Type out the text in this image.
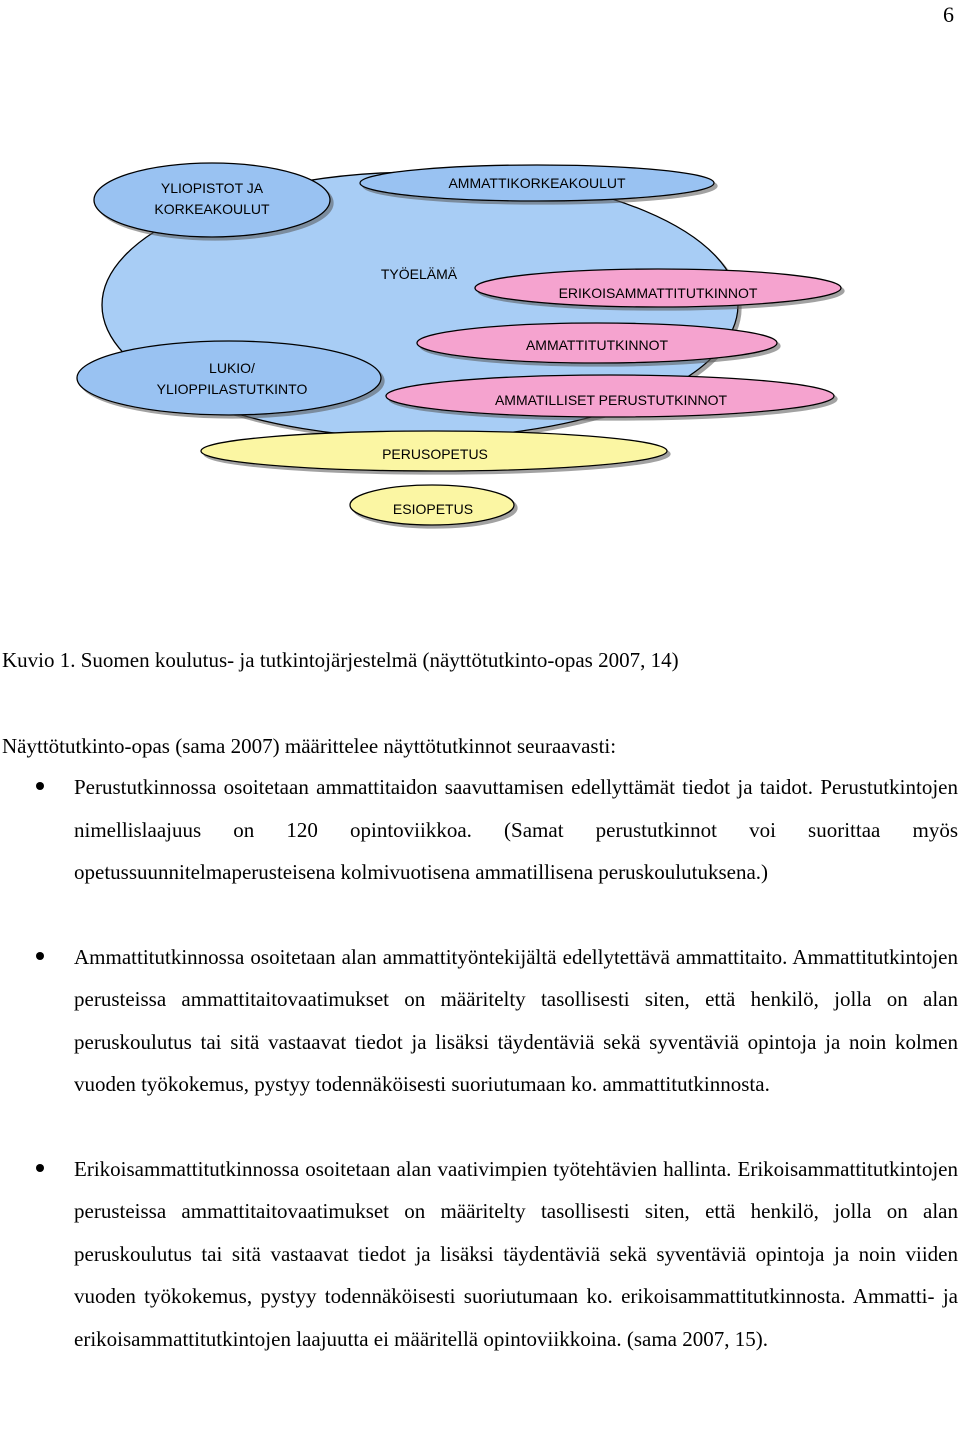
6
YLIOPISTOT JA
KORKEAKOULUT
AMMATTIKORKEAKOULUT
TYÖELÄMÄ
ERIKOISAMMATTITUTKINNOT
AMMATTITUTKINNOT
LUKIO/
YLIOPPILASTUTKINTO
AMMATILLISET PERUSTUTKINNOT
PERUSOPETUS
ESIOPETUS
Kuvio 1. Suomen koulutus- ja tutkintojärjestelmä (näyttötutkinto-opas 2007, 14)
Näyttötutkinto-opas (sama 2007) määrittelee näyttötutkinnot seuraavasti:
Perustutkinnossa osoitetaan ammattitaidon saavuttamisen edellyttämät tiedot ja taidot. Perustutkintojen nimellislaajuus on 120 opintoviikkoa. (Samat perustutkinnot voi suorittaa myös opetussuunnitelmaperusteisena kolmivuotisena ammatillisena peruskoulutuksena.)
Ammattitutkinnossa osoitetaan alan ammattityöntekijältä edellytettävä ammattitaito. Ammattitutkintojen perusteissa ammattitaitovaatimukset on määritelty tasollisesti siten, että henkilö, jolla on alan peruskoulutus tai sitä vastaavat tiedot ja lisäksi täydentäviä sekä syventäviä opintoja ja noin kolmen vuoden työkokemus, pystyy todennäköisesti suoriutumaan ko. ammattitutkinnosta.
Erikoisammattitutkinnossa osoitetaan alan vaativimpien työtehtävien hallinta. Erikoisammattitutkintojen perusteissa ammattitaitovaatimukset on määritelty tasollisesti siten, että henkilö, jolla on alan peruskoulutus tai sitä vastaavat tiedot ja lisäksi täydentäviä sekä syventäviä opintoja ja noin viiden vuoden työkokemus, pystyy todennäköisesti suoriutumaan ko. erikoisammattitutkinnosta. Ammatti- ja erikoisammattitutkintojen laajuutta ei määritellä opintoviikkoina. (sama 2007, 15).
